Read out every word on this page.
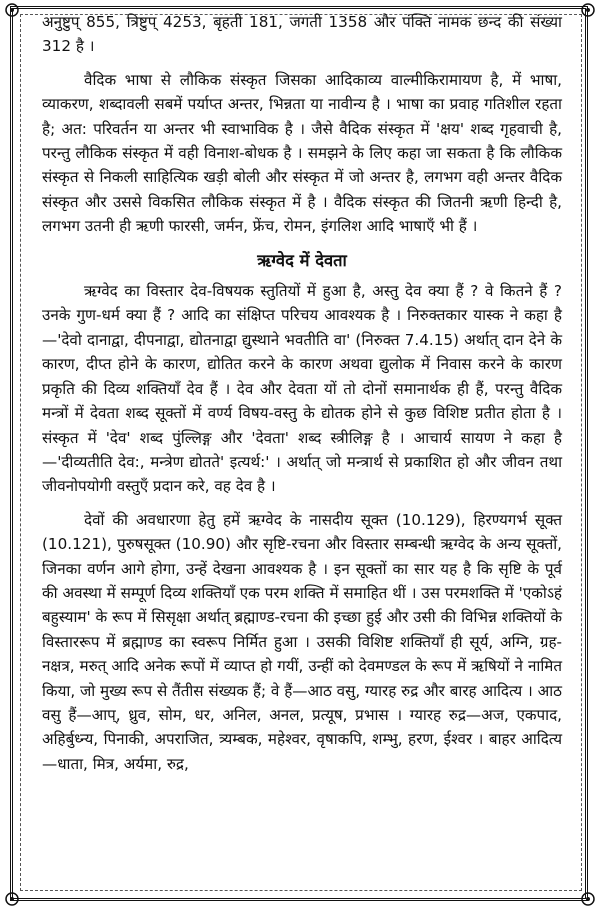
अनुष्टुप् 855, त्रिष्टुप् 4253, बृहती 181, जगती 1358 और पंक्ति नामक छन्द की संख्या 312 है ।

वैदिक भाषा से लौकिक संस्कृत जिसका आदिकाव्य वाल्मीकिरामायण है, में भाषा, व्याकरण, शब्दावली सबमें पर्याप्त अन्तर, भिन्नता या नावीन्य है । भाषा का प्रवाह गतिशील रहता है; अत: परिवर्तन या अन्तर भी स्वाभाविक है । जैसे वैदिक संस्कृत में 'क्षय' शब्द गृहवाची है, परन्तु लौकिक संस्कृत में वही विनाश-बोधक है । समझने के लिए कहा जा सकता है कि लौकिक संस्कृत से निकली साहित्यिक खड़ी बोली और संस्कृत में जो अन्तर है, लगभग वही अन्तर वैदिक संस्कृत और उससे विकसित लौकिक संस्कृत में है । वैदिक संस्कृत की जितनी ऋणी हिन्दी है, लगभग उतनी ही ऋणी फारसी, जर्मन, फ्रेंच, रोमन, इंगलिश आदि भाषाएँ भी हैं ।

ऋग्वेद में देवता

ऋग्वेद का विस्तार देव-विषयक स्तुतियों में हुआ है, अस्तु देव क्या हैं ? वे कितने हैं ? उनके गुण-धर्म क्या हैं ? आदि का संक्षिप्त परिचय आवश्यक है । निरुक्तकार यास्क ने कहा है—'देवो दानाद्वा, दीपनाद्वा, द्योतनाद्वा द्युस्थाने भवतीति वा' (निरुक्त 7.4.15) अर्थात् दान देने के कारण, दीप्त होने के कारण, द्योतित करने के कारण अथवा द्युलोक में निवास करने के कारण प्रकृति की दिव्य शक्तियाँ देव हैं । देव और देवता यों तो दोनों समानार्थक ही हैं, परन्तु वैदिक मन्त्रों में देवता शब्द सूक्तों में वर्ण्य विषय-वस्तु के द्योतक होने से कुछ विशिष्ट प्रतीत होता है । संस्कृत में 'देव' शब्द पुंल्लिङ्ग और 'देवता' शब्द स्त्रीलिङ्ग है । आचार्य सायण ने कहा है—'दीव्यतीति देव:, मन्त्रेण द्योतते' इत्यर्थ:' । अर्थात् जो मन्त्रार्थ से प्रकाशित हो और जीवन तथा जीवनोपयोगी वस्तुएँ प्रदान करे, वह देव है ।

देवों की अवधारणा हेतु हमें ऋग्वेद के नासदीय सूक्त (10.129), हिरण्यगर्भ सूक्त (10.121), पुरुषसूक्त (10.90) और सृष्टि-रचना और विस्तार सम्बन्धी ऋग्वेद के अन्य सूक्तों, जिनका वर्णन आगे होगा, उन्हें देखना आवश्यक है । इन सूक्तों का सार यह है कि सृष्टि के पूर्व की अवस्था में सम्पूर्ण दिव्य शक्तियाँ एक परम शक्ति में समाहित थीं । उस परमशक्ति में 'एकोऽहं बहुस्याम' के रूप में सिसृक्षा अर्थात् ब्रह्माण्ड-रचना की इच्छा हुई और उसी की विभिन्न शक्तियों के विस्ताररूप में ब्रह्माण्ड का स्वरूप निर्मित हुआ । उसकी विशिष्ट शक्तियाँ ही सूर्य, अग्नि, ग्रह-नक्षत्र, मरुत् आदि अनेक रूपों में व्याप्त हो गयीं, उन्हीं को देवमण्डल के रूप में ऋषियों ने नामित किया, जो मुख्य रूप से तैंतीस संख्यक हैं; वे हैं—आठ वसु, ग्यारह रुद्र और बारह आदित्य । आठ वसु हैं—आप्, ध्रुव, सोम, धर, अनिल, अनल, प्रत्यूष, प्रभास । ग्यारह रुद्र—अज, एकपाद, अहिर्बुध्न्य, पिनाकी, अपराजित, त्र्यम्बक, महेश्वर, वृषाकपि, शम्भु, हरण, ईश्वर । बाहर आदित्य—धाता, मित्र, अर्यमा, रुद्र,
